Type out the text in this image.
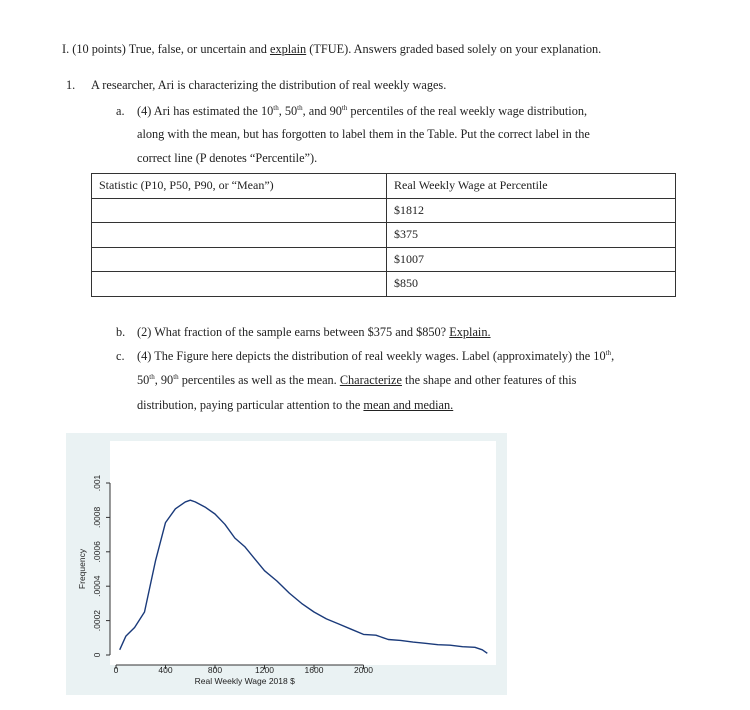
I. (10 points) True, false, or uncertain and explain (TFUE). Answers graded based solely on your explanation.
1. A researcher, Ari is characterizing the distribution of real weekly wages.
a. (4) Ari has estimated the 10th, 50th, and 90th percentiles of the real weekly wage distribution,
along with the mean, but has forgotten to label them in the Table. Put the correct label in the
correct line (P denotes “Percentile”).
Statistic (P10, P50, P90, or “Mean”)	Real Weekly Wage at Percentile
	$1812
	$375
	$1007
	$850
b. (2) What fraction of the sample earns between $375 and $850? Explain.
c. (4) The Figure here depicts the distribution of real weekly wages. Label (approximately) the 10th,
50th, 90th percentiles as well as the mean. Characterize the shape and other features of this
distribution, paying particular attention to the mean and median.
0
.0002
.0004
.0006
.0008
.001
Frequency
0	400	800	1200	1600	2000
Real Weekly Wage 2018 $
